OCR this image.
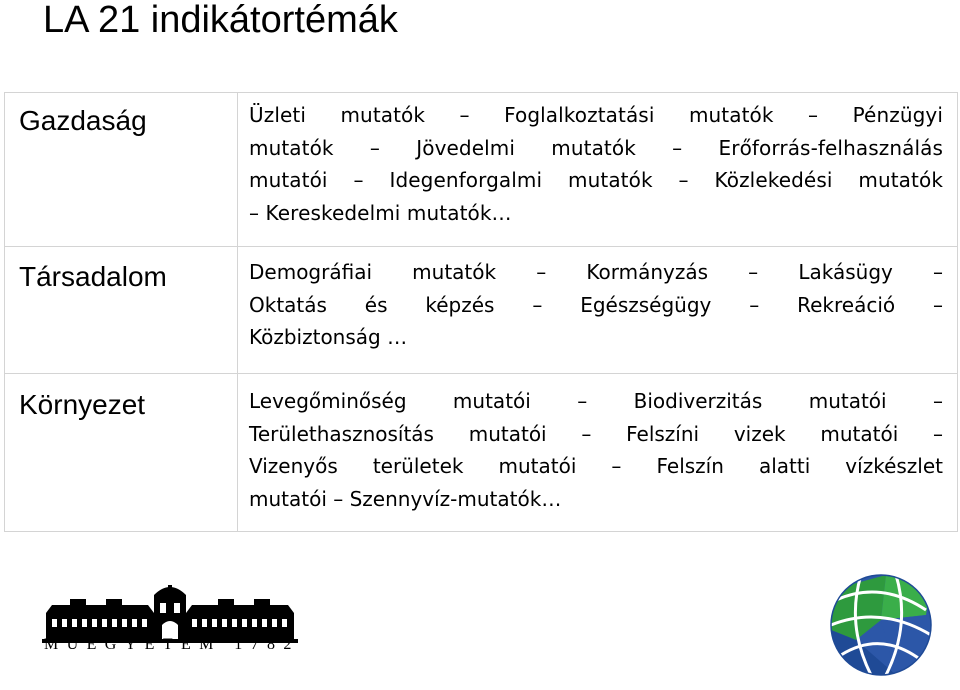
LA 21 indikátortémák
Gazdaság	Üzleti mutatók – Foglalkoztatási mutatók – Pénzügyi
mutatók – Jövedelmi mutatók – Erőforrás-felhasználás
mutatói – Idegenforgalmi mutatók – Közlekedési mutatók
– Kereskedelmi mutatók…
Társadalom	Demográfiai mutatók – Kormányzás – Lakásügy –
Oktatás és képzés – Egészségügy – Rekreáció –
Közbiztonság …
Környezet	Levegőminőség mutatói – Biodiverzitás mutatói –
Területhasznosítás mutatói – Felszíni vizek mutatói –
Vizenyős területek mutatói – Felszín alatti vízkészlet
mutatói – Szennyvíz-mutatók…
MŰEGYETEM 1782
